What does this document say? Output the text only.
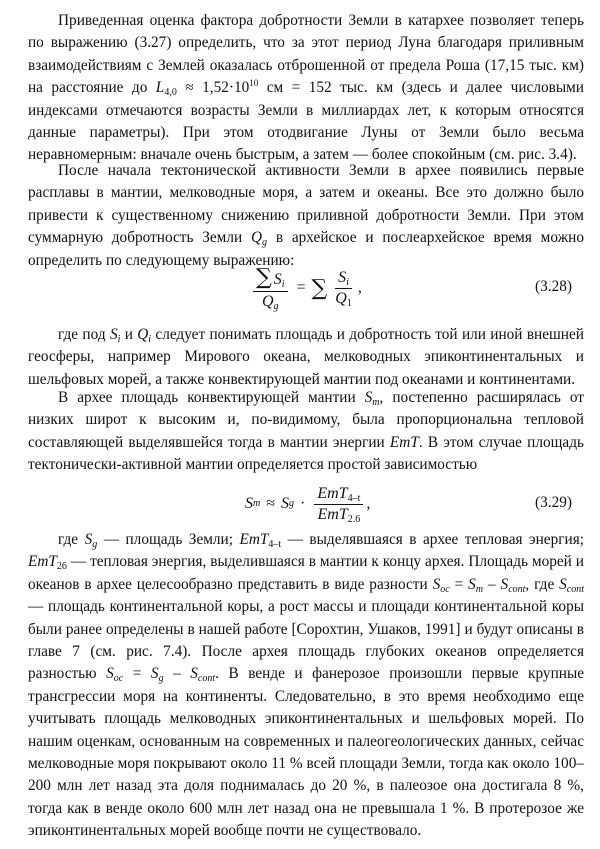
Приведенная оценка фактора добротности Земли в катархее позволяет теперь по выражению (3.27) определить, что за этот период Луна благодаря приливным взаимодействиям с Землей оказалась отброшенной от предела Роша (17,15 тыс. км) на расстояние до $L_{4,0} \approx 1,52\cdot 10^{10}$ см = 152 тыс. км (здесь и далее числовыми индексами отмечаются возрасты Земли в миллиардах лет, к которым относятся данные параметры). При этом отодвигание Луны от Земли было весьма неравномерным: вначале очень быстрым, а затем — более спокойным (см. рис. 3.4).

После начала тектонической активности Земли в архее появились первые расплавы в мантии, мелководные моря, а затем и океаны. Все это должно было привести к существенному снижению приливной добротности Земли. При этом суммарную добротность Земли $Q_g$ в архейское и послеархейское время можно определить по следующему выражению:

$\frac{\sum S_i}{Q_g}$ = ∑ $\frac{S_i}{Q_1}$ ,	(3.28)

где под $S_i$ и $Q_i$ следует понимать площадь и добротность той или иной внешней геосферы, например Мирового океана, мелководных эпиконтинентальных и шельфовых морей, а также конвектирующей мантии под океанами и континентами.

В архее площадь конвектирующей мантии $S_m$, постепенно расширялась от низких широт к высоким и, по-видимому, была пропорциональна тепловой составляющей выделявшейся тогда в мантии энергии EmT. В этом случае площадь тектонически-активной мантии определяется простой зависимостью

S m ≈ S $g \cdot \frac{EmT_{4-t}}{EmT_{2.6}}$ ,	(3.29)

где $S_g$ — площадь Земли; EmT$_{4-t}$ — выделявшаяся в архее тепловая энергия; EmT$_{26}$ — тепловая энергия, выделившаяся в мантии к концу архея. Площадь морей и океанов в архее целесообразно представить в виде разности $S_{oc} = S_m - S_{cont}$, где $S_{cont}$ — площадь континентальной коры, а рост массы и площади континентальной коры были ранее определены в нашей работе [Сорохтин, Ушаков, 1991] и будут описаны в главе 7 (см. рис. 7.4). После архея площадь глубоких океанов определяется разностью $S_{oc} = S_g - S_{cont}$. В венде и фанерозое произошли первые крупные трансгрессии моря на континенты. Следовательно, в это время необходимо еще учитывать площадь мелководных эпиконтинентальных и шельфовых морей. По нашим оценкам, основанным на современных и палеогеологических данных, сейчас мелководные моря покрывают около 11 % всей площади Земли, тогда как около 100–200 млн лет назад эта доля поднималась до 20 %, в палеозое она достигала 8 %, тогда как в венде около 600 млн лет назад она не превышала 1 %. В протерозое же эпиконтинентальных морей вообще почти не существовало.
